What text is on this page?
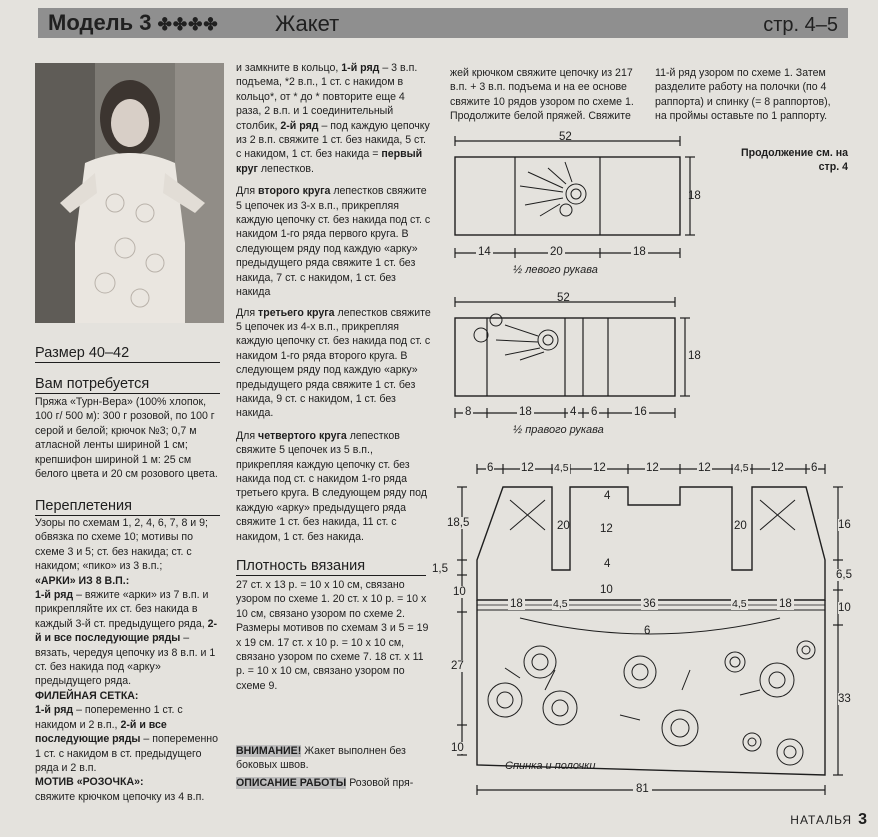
Модель 3 ✤✤✤✤	Жакет	стр. 4–5
Размер 40–42
Вам потребуется
Пряжа «Турн-Вера» (100% хлопок, 100 г/ 500 м): 300 г розовой, по 100 г серой и белой; крючок №3; 0,7 м атласной ленты шириной 1 см; крепшифон шириной 1 м: 25 см белого цвета и 20 см розового цвета.
Переплетения

Узоры по схемам 1, 2, 4, 6, 7, 8 и 9; обвязка по схеме 10; мотивы по схеме 3 и 5; ст. без накида; ст. с накидом; «пико» из 3 в.п.;

«АРКИ» ИЗ 8 В.П.:

1-й ряд – вяжите «арки» из 7 в.п. и прикрепляйте их ст. без накида в каждый 3-й ст. предыдущего ряда, 2-й и все последующие ряды – вязать, чередуя цепочку из 8 в.п. и 1 ст. без накида под «арку» предыдущего ряда.

ФИЛЕЙНАЯ СЕТКА:

1-й ряд – попеременно 1 ст. с накидом и 2 в.п., 2-й и все последующие ряды – попеременно 1 ст. с накидом в ст. предыдущего ряда и 2 в.п.

МОТИВ «РОЗОЧКА»:

свяжите крючком цепочку из 4 в.п.

и замкните в кольцо, 1-й ряд – 3 в.п. подъема, *2 в.п., 1 ст. с накидом в кольцо*, от * до * повторите еще 4 раза, 2 в.п. и 1 соединительный столбик, 2-й ряд – под каждую цепочку из 2 в.п. свяжите 1 ст. без накида, 5 ст. с накидом, 1 ст. без накида = первый круг лепестков.

Для второго круга лепестков свяжите 5 цепочек из 3-х в.п., прикрепляя каждую цепочку ст. без накида под ст. с накидом 1-го ряда первого круга. В следующем ряду под каждую «арку» предыдущего ряда свяжите 1 ст. без накида, 7 ст. с накидом, 1 ст. без накида

Для третьего круга лепестков свяжите 5 цепочек из 4-х в.п., прикрепляя каждую цепочку ст. без накида под ст. с накидом 1-го ряда второго круга. В следующем ряду под каждую «арку» предыдущего ряда свяжите 1 ст. без накида, 9 ст. с накидом, 1 ст. без накида.

Для четвертого круга лепестков свяжите 5 цепочек из 5 в.п., прикрепляя каждую цепочку ст. без накида под ст. с накидом 1-го ряда третьего круга. В следующем ряду под каждую «арку» предыдущего ряда свяжите 1 ст. без накида, 11 ст. с накидом, 1 ст. без накида.

Плотность вязания
27 ст. х 13 р. = 10 х 10 см, связано узором по схеме 1. 20 ст. х 10 р. = 10 х 10 см, связано узором по схеме 2. Размеры мотивов по схемам 3 и 5 = 19 х 19 см. 17 ст. х 10 р. = 10 х 10 см, связано узором по схеме 7. 18 ст. х 11 р. = 10 х 10 см, связано узором по схеме 9.
ВНИМАНИЕ! Жакет выполнен без боковых швов.
ОПИСАНИЕ РАБОТЫ Розовой пря-
жей крючком свяжите цепочку из 217 в.п. + 3 в.п. подъема и на ее основе свяжите 10 рядов узором по схеме 1. Продолжите белой пряжей. Свяжите
11-й ряд узором по схеме 1. Затем разделите работу на полочки (по 4 раппорта) и спинку (= 8 раппортов), на проймы оставьте по 1 раппорту.
Продолжение см. на стр. 4
52
18
14	20	18
½ левого рукава
52
18
8	18	4 6	16
½ правого рукава
6 12 4,5 12	12	12 4,5 12 6
18,5
1,5
10
27
10
16
6,5
10
33
4
20	12
4
10
20
18	4,5	36	4,5	18
6
Спинка и полочки
81
НАТАЛЬЯ 3
